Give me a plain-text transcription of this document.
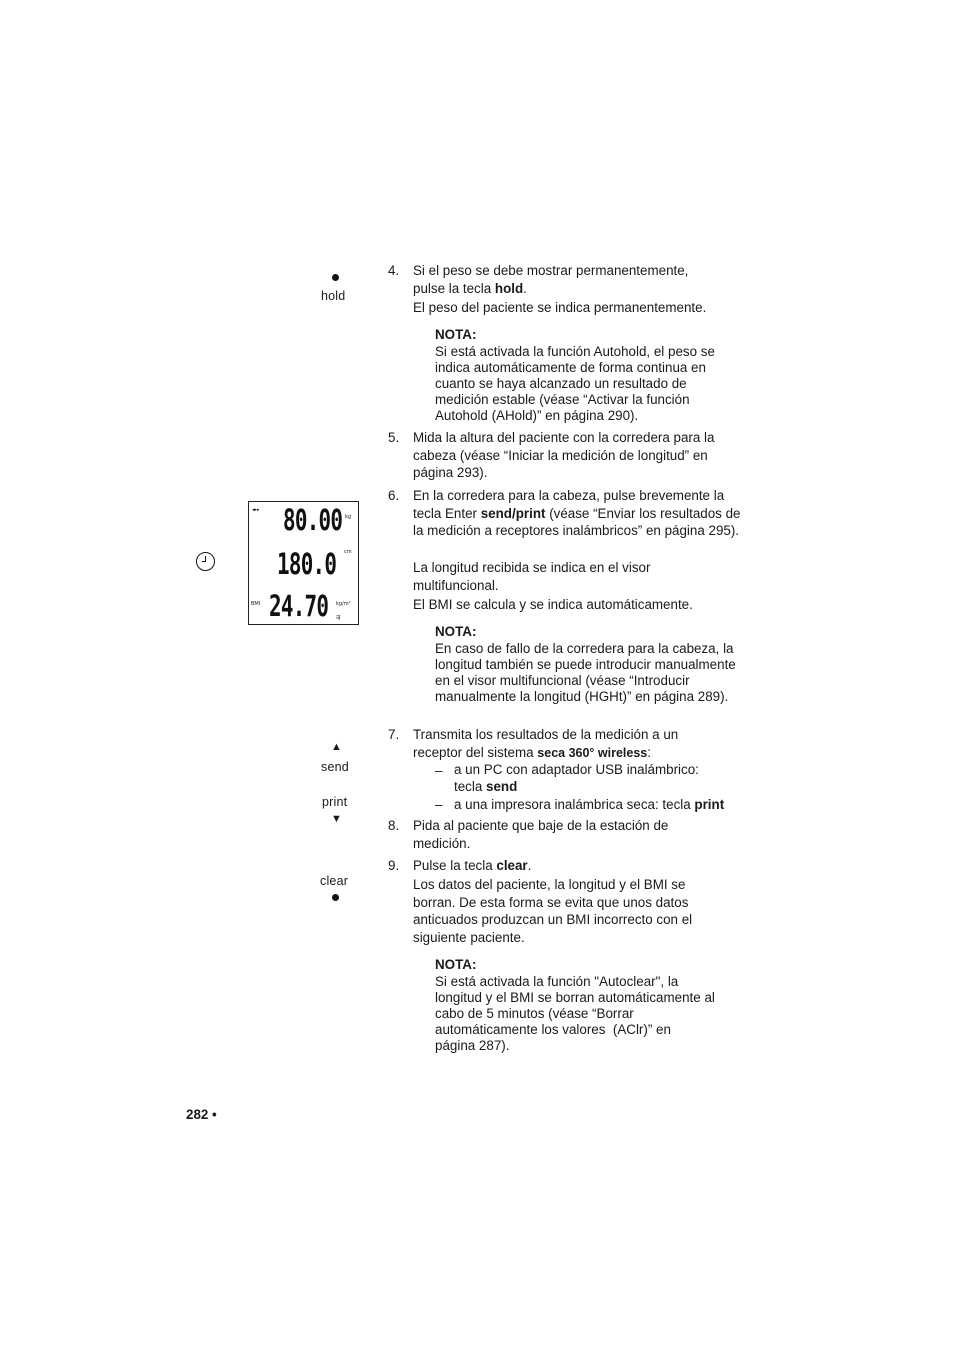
hold
◂▸▸ 80.00 kg
180.0 cm
BMI 24.70 kg/m²
⇶
▲
send
print
▼
clear
4.	Si el peso se debe mostrar permanentemente,
pulse la tecla hold.
El peso del paciente se indica permanentemente.
NOTA:
Si está activada la función Autohold, el peso se indica automáticamente de forma continua en cuanto se haya alcanzado un resultado de medición estable (véase “Activar la función Autohold (AHold)” en página 290).
5.	Mida la altura del paciente con la corredera para la cabeza (véase “Iniciar la medición de longitud” en página 293).
6.	En la corredera para la cabeza, pulse brevemente la tecla Enter send/print (véase “Enviar los resultados de la medición a receptores inalámbricos” en página 295).
La longitud recibida se indica en el visor multifuncional.
El BMI se calcula y se indica automáticamente.
NOTA:
En caso de fallo de la corredera para la cabeza, la longitud también se puede introducir manualmente en el visor multifuncional (véase “Introducir manualmente la longitud (HGHt)” en página 289).
7.	Transmita los resultados de la medición a un
receptor del sistema seca 360° wireless:
– a un PC con adaptador USB inalámbrico:
tecla send
– a una impresora inalámbrica seca: tecla print
8.	Pida al paciente que baje de la estación de medición.
9.	Pulse la tecla clear.
Los datos del paciente, la longitud y el BMI se borran. De esta forma se evita que unos datos anticuados produzcan un BMI incorrecto con el siguiente paciente.
NOTA:
Si está activada la función "Autoclear", la
longitud y el BMI se borran automáticamente al
cabo de 5 minutos (véase “Borrar
automáticamente los valores  (AClr)” en
página 287).
282 •
